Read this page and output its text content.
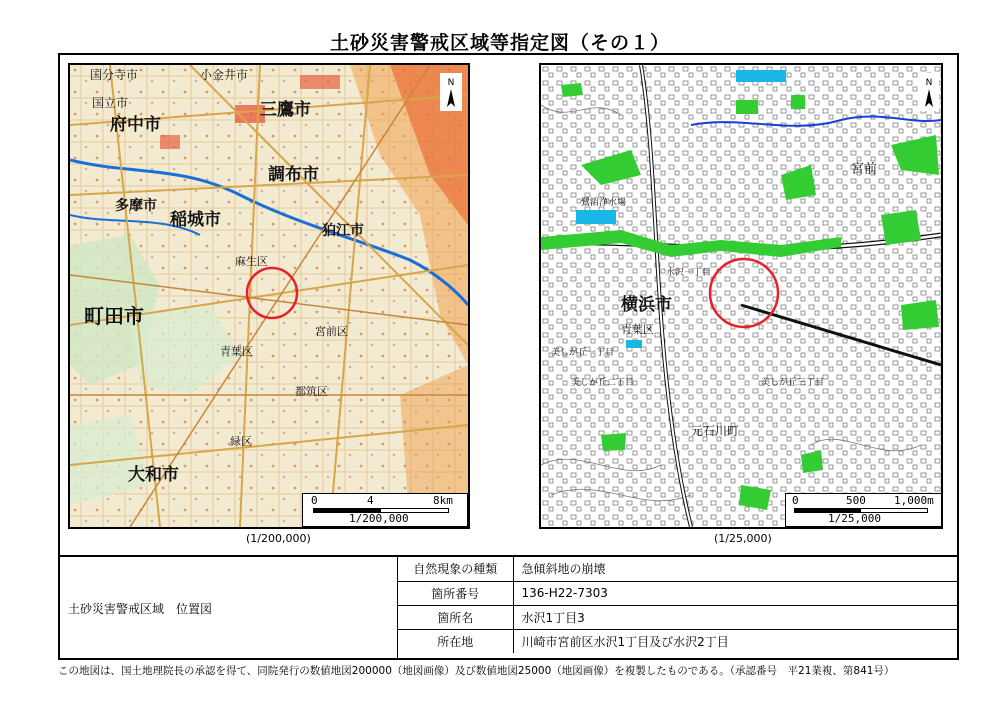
土砂災害警戒区域等指定図（その１）
国分寺市	小金井市
国立市
府中市
三鷹市
調布市
多摩市
稲城市
狛江市
町田市
大和市
麻生区
宮前区
緑区
都筑区
青葉区
N
0	4	8km
1/200,000
(1/200,000)
横浜市
青葉区
宮前
元石川町
鷺沼浄水場
水沢一丁目
美しが丘一丁目
美しが丘二丁目	美しが丘三丁目
N
0	500	1,000m
1/25,000
(1/25,000)
土砂災害警戒区域　位置図
自然現象の種類	急傾斜地の崩壊
箇所番号	136-H22-7303
箇所名	水沢1丁目3
所在地	川崎市宮前区水沢1丁目及び水沢2丁目
この地図は、国土地理院長の承認を得て、同院発行の数値地図200000（地図画像）及び数値地図25000（地図画像）を複製したものである。（承認番号　平21業複、第841号）
